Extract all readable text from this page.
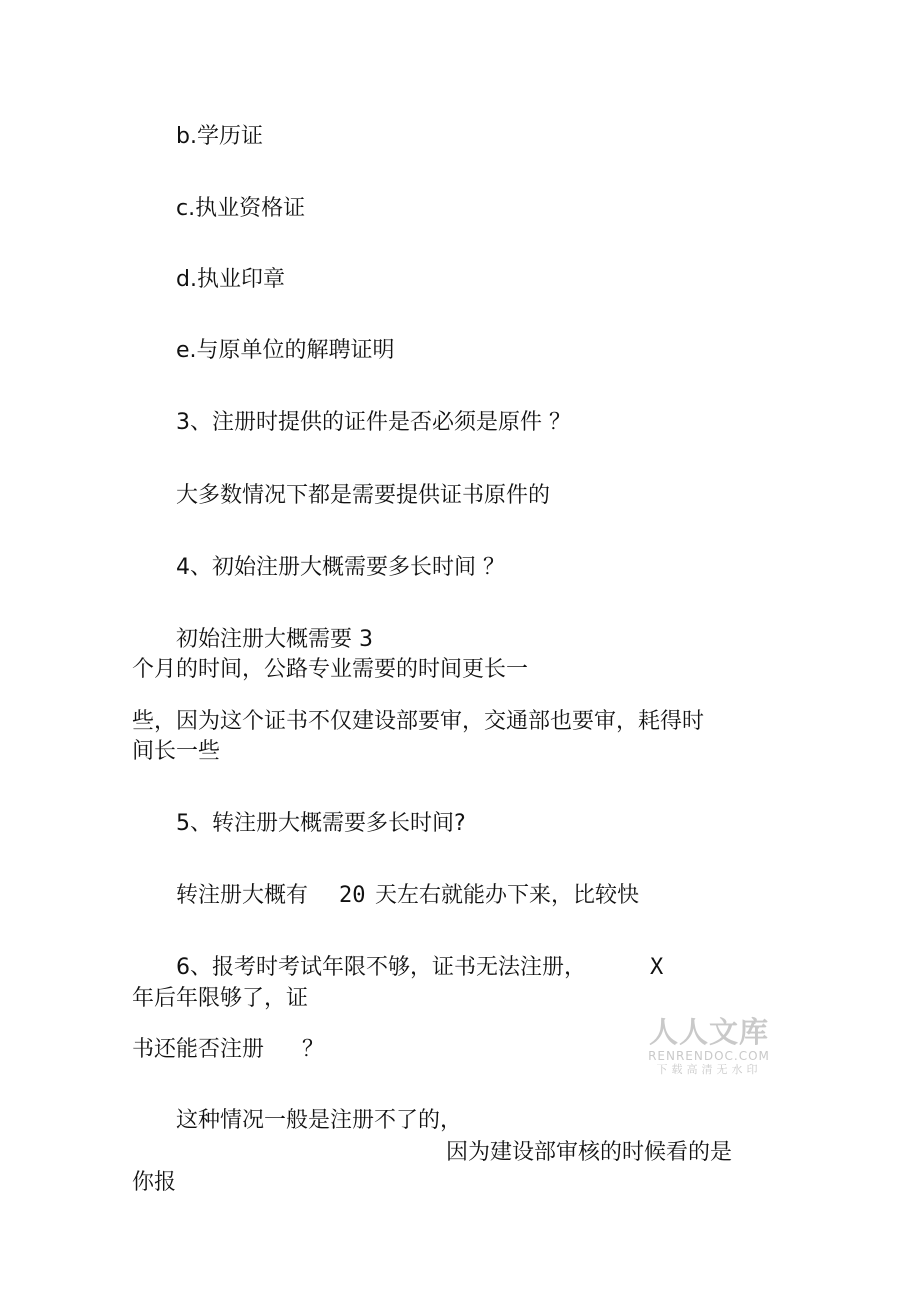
b.学历证
c.执业资格证
d.执业印章
e.与原单位的解聘证明
3、注册时提供的证件是否必须是原件 ？
大多数情况下都是需要提供证书原件的
4、初始注册大概需要多长时间 ？
初始注册大概需要 3
个月的时间，公路专业需要的时间更长一
些，因为这个证书不仅建设部要审，交通部也要审，耗得时
间长一些
5、转注册大概需要多长时间?
转注册大概有 20 天左右就能办下来，比较快
6、报考时考试年限不够，证书无法注册，	X
年后年限够了，证
书还能否注册 ？
这种情况一般是注册不了的，
因为建设部审核的时候看的是
你报
人人文库
RENRENDOC.COM
下载高清无水印
